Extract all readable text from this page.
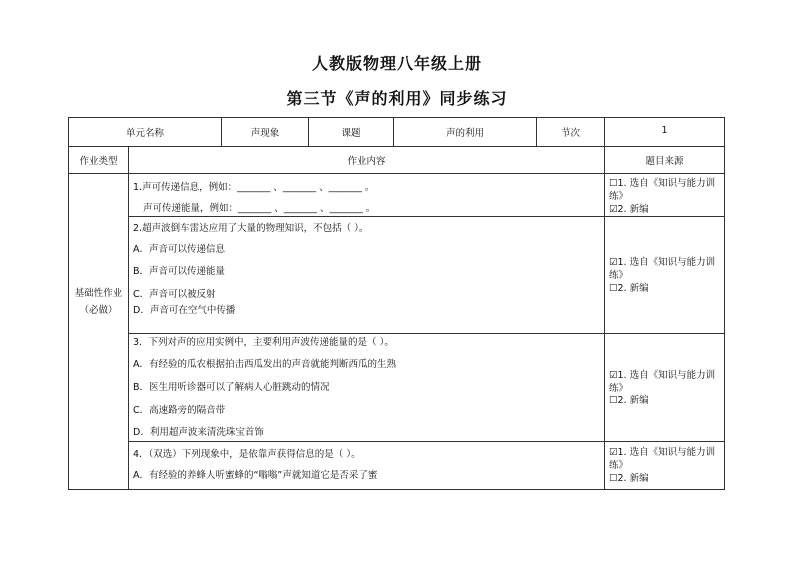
人教版物理八年级上册
第三节《声的利用》同步练习
单元名称	声现象	课题	声的利用	节次	1
作业类型	作业内容	题目来源
基础性作业
（必做）
1.声可传递信息，例如：_______ 、_______ 、_______ 。
声可传递能量，例如：_______ 、_______ 、_______ 。
☐1. 选自《知识与能力训练》
☑2. 新编
2.超声波倒车雷达应用了大量的物理知识，不包括（ ）。
A．声音可以传递信息
B．声音可以传递能量
C．声音可以被反射
D．声音可在空气中传播
☑1. 选自《知识与能力训练》
☐2. 新编
3．下列对声的应用实例中，主要利用声波传递能量的是（ ）。
A．有经验的瓜农根据拍击西瓜发出的声音就能判断西瓜的生熟
B．医生用听诊器可以了解病人心脏跳动的情况
C．高速路旁的隔音带
D．利用超声波来清洗珠宝首饰
☑1. 选自《知识与能力训练》
☐2. 新编
4．（双选）下列现象中，是依靠声获得信息的是（ ）。
A．有经验的养蜂人听蜜蜂的“嗡嗡”声就知道它是否采了蜜
☑1. 选自《知识与能力训练》
☐2. 新编
